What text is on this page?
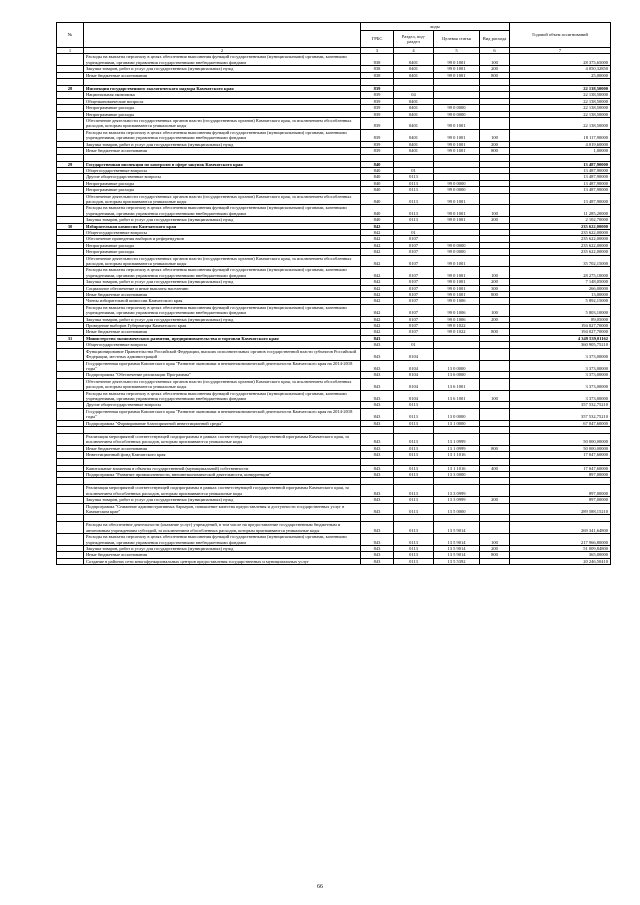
№	Наименование	коды				Годовой объем ассигнований
		ГРБС	Раздел, под-раздел	Целевая статья	Вид расхода	
1	2	3	4	5	6	7
	Расходы на выплаты персоналу в целях обеспечения выполнения функций государственными (муниципальными) органами, казенными учреждениями, органами управления государственными внебюджетными фондами	838	0401	99 0 1001	100	28 375,65000
	Закупка товаров, работ и услуг для государственных (муниципальных) нужд	838	0401	99 0 1001	200	4 050,32850
	Иные бюджетные ассигнования	838	0401	99 0 1001	800	25,00000

28	Инспекция государственного экологического надзора Камчатского края	839				22 138,50000
	Национальная экономика	839	04			22 138,50000
	Общеэкономические вопросы	839	0401			22 138,50000
	Непрограммные расходы	839	0401	99 0 0000		22 138,50000
	Непрограммные расходы	839	0401	99 0 0000		22 138,50000
	Обеспечение деятельности государственных органов власти (государственных органов) Камчатского края, за исключением обособленных расходов, которым присваиваются уникальные коды	839	0401	99 0 1001		22 138,50000
	Расходы на выплаты персоналу в целях обеспечения выполнения функций государственными (муниципальными) органами, казенными учреждениями, органами управления государственными внебюджетными фондами	839	0401	99 0 1001	100	18 117,90000
	Закупка товаров, работ и услуг для государственных (муниципальных) нужд	839	0401	99 0 1001	200	4 019,60000
	Иные бюджетные ассигнования	839	0401	99 0 1001	800	1,00000

29	Государственная инспекция по контролю в сфере закупок Камчатского края	840				13 487,90000
	Общегосударственные вопросы	840	01			13 487,90000
	Другие общегосударственные вопросы	840	0113			13 487,90000
	Непрограммные расходы	840	0113	99 0 0000		13 487,90000
	Непрограммные расходы	840	0113	99 0 0000		13 487,90000
	Обеспечение деятельности государственных органов власти (государственных органов) Камчатского края, за исключением обособленных расходов, которым присваиваются уникальные коды	840	0113	99 0 1001		13 487,90000
	Расходы на выплаты персоналу в целях обеспечения выполнения функций государственными (муниципальными) органами, казенными учреждениями, органами управления государственными внебюджетными фондами	840	0113	99 0 1001	100	11 285,20000
	Закупка товаров, работ и услуг для государственных (муниципальных) нужд	840	0113	99 0 1001	200	2 102,70000
30	Избирательная комиссия Камчатского края	842				235 622,00000
	Общегосударственные вопросы	842	01			235 622,00000
	Обеспечение проведения выборов и референдумов	842	0107			235 622,00000
	Непрограммные расходы	842	0107	99 0 0000		235 622,00000
	Непрограммные расходы	842	0107	99 0 0000		235 622,00000
	Обеспечение деятельности государственных органов власти (государственных органов) Камчатского края, за исключением обособленных расходов, которым присваиваются уникальные коды	842	0107	99 0 1001		35 702,15000
	Расходы на выплаты персоналу в целях обеспечения выполнения функций государственными (муниципальными) органами, казенными учреждениями, органами управления государственными внебюджетными фондами	842	0107	99 0 1001	100	28 275,10000
	Закупка товаров, работ и услуг для государственных (муниципальных) нужд	842	0107	99 0 1001	200	7 148,05000
	Социальное обеспечение и иные выплаты населению	842	0107	99 0 1001	300	266,00000
	Иные бюджетные ассигнования	842	0107	99 0 1001	800	13,00000
	Члены избирательной комиссии Камчатского края	842	0107	99 0 1006		5 892,15000
	Расходы на выплаты персоналу в целях обеспечения выполнения функций государственными (муниципальными) органами, казенными учреждениями, органами управления государственными внебюджетными фондами	842	0107	99 0 1006	100	5 803,10000
	Закупка товаров, работ и услуг для государственных (муниципальных) нужд	842	0107	99 0 1006	200	89,05000
	Проведение выборов Губернатора Камчатского края	842	0107	99 0 1022		194 027,70000
	Иные бюджетные ассигнования	842	0107	99 0 1022	800	194 027,70000
31	Министерство экономического развития, предпринимательства и торговли Камчатского края	843				4 349 539,01162
	Общегосударственные вопросы	843	01			360 905,75210
	Функционирование Правительства Российской Федерации, высших исполнительных органов государственной власти субъектов Российской Федерации, местных администраций	843	0104			3 373,00000
	Государственная программа Камчатского края "Развитие экономики и внешнеэкономической деятельности Камчатского края на 2014-2018 годы"	843	0104	13 0 0000		3 373,00000
	Подпрограмма "Обеспечение реализации Программы"	843	0104	13 6 0000		3 373,00000
	Обеспечение деятельности государственных органов власти (государственных органов) Камчатского края, за исключением обособленных расходов, которым присваиваются уникальные коды	843	0104	13 6 1001		3 373,00000
	Расходы на выплаты персоналу в целях обеспечения выполнения функций государственными (муниципальными) органами, казенными учреждениями, органами управления государственными внебюджетными фондами	843	0104	13 6 1001	100	3 373,00000
	Другие общегосударственные вопросы	843	0113			357 532,75210
	Государственная программа Камчатского края "Развитие экономики и внешнеэкономической деятельности Камчатского края на 2014-2018 годы"	843	0113	13 0 0000		357 532,75210
	Подпрограмма "Формирование благоприятной инвестиционной среды"	843	0113	13 1 0000		67 047,60000

	Реализация мероприятий соответствующей подпрограммы в рамках соответствующей государственной программы Камчатского края, за исключением обособленных расходов, которым присваиваются уникальные коды	843	0113	13 1 0999		50 000,00000
	Иные бюджетные ассигнования	843	0113	13 1 0999	800	50 000,00000
	Инвестиционный фонд Камчатского края	843	0113	13 1 1016		17 047,60000

	Капитальные вложения в объекты государственной (муниципальной) собственности	843	0113	13 1 1016	400	17 047,60000
	Подпрограмма "Развитие промышленности, внешнеэкономической деятельности, конкуренции"	843	0113	13 3 0000		897,00000

	Реализация мероприятий соответствующей подпрограммы в рамках соответствующей государственной программы Камчатского края, за исключением обособленных расходов, которым присваиваются уникальные коды	843	0113	13 3 0999		897,00000
	Закупка товаров, работ и услуг для государственных (муниципальных) нужд	843	0113	13 3 0999	200	897,00000
	Подпрограмма "Снижение административных барьеров, повышение качества предоставления и доступности государственных услуг в Камчатском крае"	843	0113	13 5 0000		289 588,15210

	Расходы на обеспечение деятельности (оказание услуг) учреждений, в том числе на предоставление государственным бюджетным и автономным учреждениям субсидий, за исключением обособленных расходов, которым присваиваются уникальные коды	843	0113	13 5 9014		269 341,64800
	Расходы на выплаты персоналу в целях обеспечения выполнения функций государственными (муниципальными) органами, казенными учреждениями, органами управления государственными внебюджетными фондами	843	0113	13 5 9014	100	217 966,80000
	Закупка товаров, работ и услуг для государственных (муниципальных) нужд	843	0113	13 5 9014	200	51 009,84800
	Иные бюджетные ассигнования	843	0113	13 5 9014	800	365,00000
	Создание в районах сети многофункциональных центров предоставления государственных и муниципальных услуг	843	0113	13 5 5392		20 246,50410
66
